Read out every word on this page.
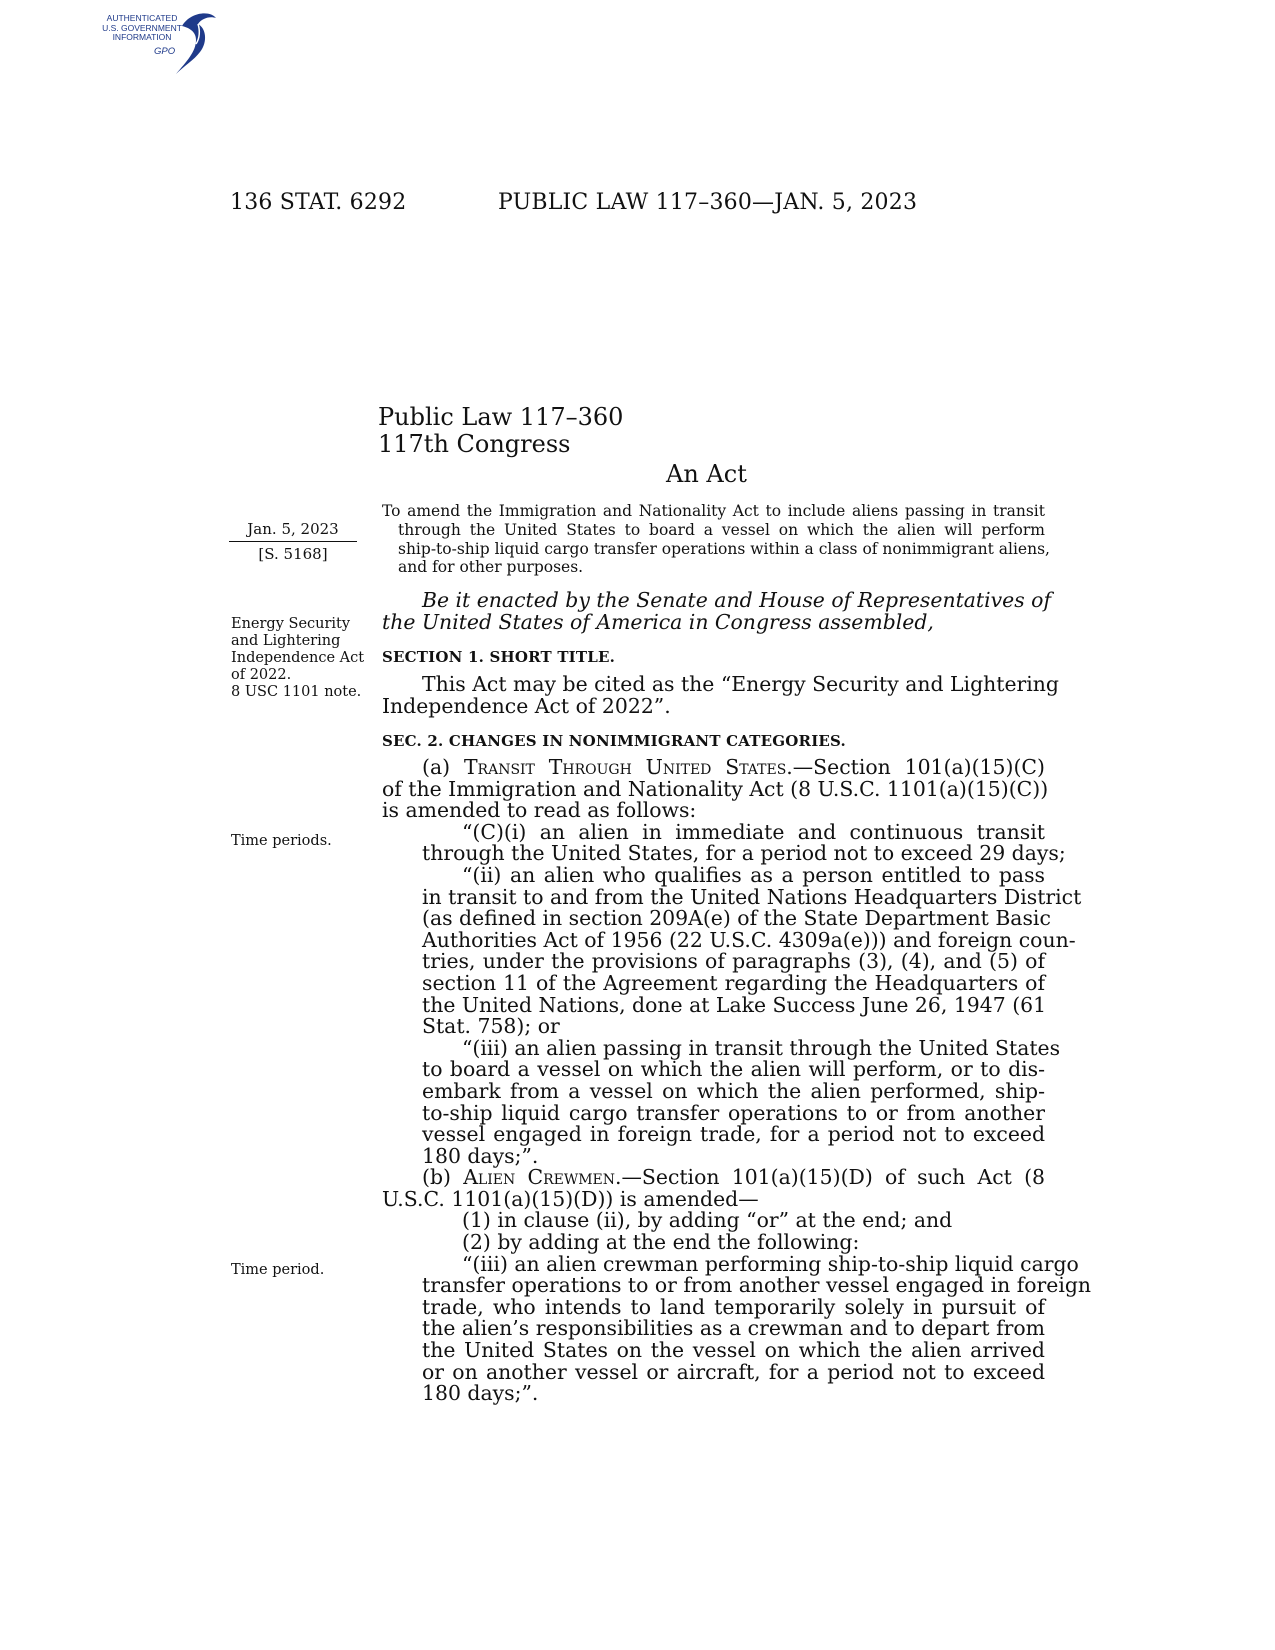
AUTHENTICATED
U.S. GOVERNMENT
INFORMATION
GPO
136 STAT. 6292	PUBLIC LAW 117–360—JAN. 5, 2023
Public Law 117–360
117th Congress
An Act
Jan. 5, 2023
[S. 5168]
Energy Security
and Lightering
Independence Act
of 2022.
8 USC 1101 note.
Time periods.
Time period.
To amend the Immigration and Nationality Act to include aliens passing in transit
through the United States to board a vessel on which the alien will perform
ship-to-ship liquid cargo transfer operations within a class of nonimmigrant aliens,
and for other purposes.
Be it enacted by the Senate and House of Representatives of
the United States of America in Congress assembled,
SECTION 1. SHORT TITLE.
This Act may be cited as the “Energy Security and Lightering
Independence Act of 2022”.
SEC. 2. CHANGES IN NONIMMIGRANT CATEGORIES.
(a) Transit Through United States.—Section 101(a)(15)(C)
of the Immigration and Nationality Act (8 U.S.C. 1101(a)(15)(C))
is amended to read as follows:
“(C)(i) an alien in immediate and continuous transit
through the United States, for a period not to exceed 29 days;
“(ii) an alien who qualifies as a person entitled to pass
in transit to and from the United Nations Headquarters District
(as defined in section 209A(e) of the State Department Basic
Authorities Act of 1956 (22 U.S.C. 4309a(e))) and foreign coun-
tries, under the provisions of paragraphs (3), (4), and (5) of
section 11 of the Agreement regarding the Headquarters of
the United Nations, done at Lake Success June 26, 1947 (61
Stat. 758); or
“(iii) an alien passing in transit through the United States
to board a vessel on which the alien will perform, or to dis-
embark from a vessel on which the alien performed, ship-
to-ship liquid cargo transfer operations to or from another
vessel engaged in foreign trade, for a period not to exceed
180 days;”.
(b) Alien Crewmen.—Section 101(a)(15)(D) of such Act (8
U.S.C. 1101(a)(15)(D)) is amended—
(1) in clause (ii), by adding “or” at the end; and
(2) by adding at the end the following:
“(iii) an alien crewman performing ship-to-ship liquid cargo
transfer operations to or from another vessel engaged in foreign
trade, who intends to land temporarily solely in pursuit of
the alien’s responsibilities as a crewman and to depart from
the United States on the vessel on which the alien arrived
or on another vessel or aircraft, for a period not to exceed
180 days;”.
